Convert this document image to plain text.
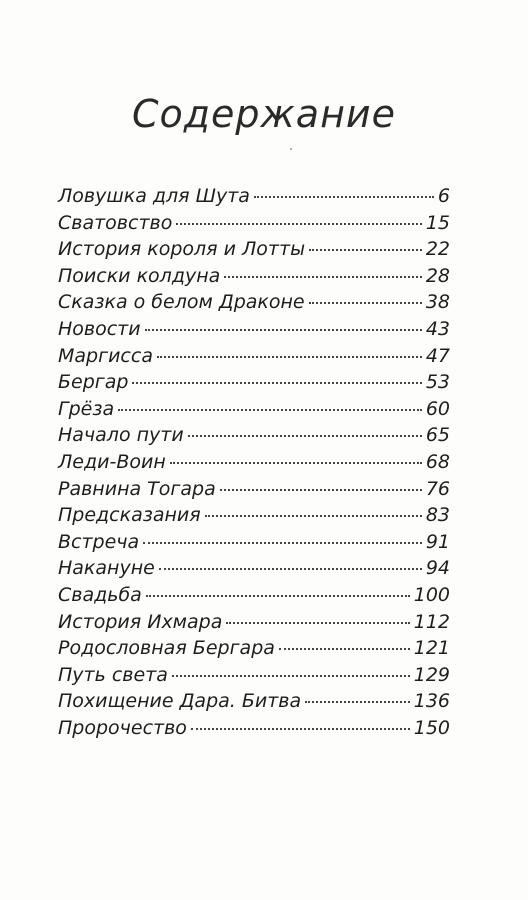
Содержание
Ловушка для Шута	6
Сватовство	15
История короля и Лотты	22
Поиски колдуна	28
Сказка о белом Драконе	38
Новости	43
Маргисса	47
Бергар	53
Грёза	60
Начало пути	65
Леди-Воин	68
Равнина Тогара	76
Предсказания	83
Встреча	91
Накануне	94
Свадьба	100
История Ихмара	112
Родословная Бергара	121
Путь света	129
Похищение Дара. Битва	136
Пророчество	150
